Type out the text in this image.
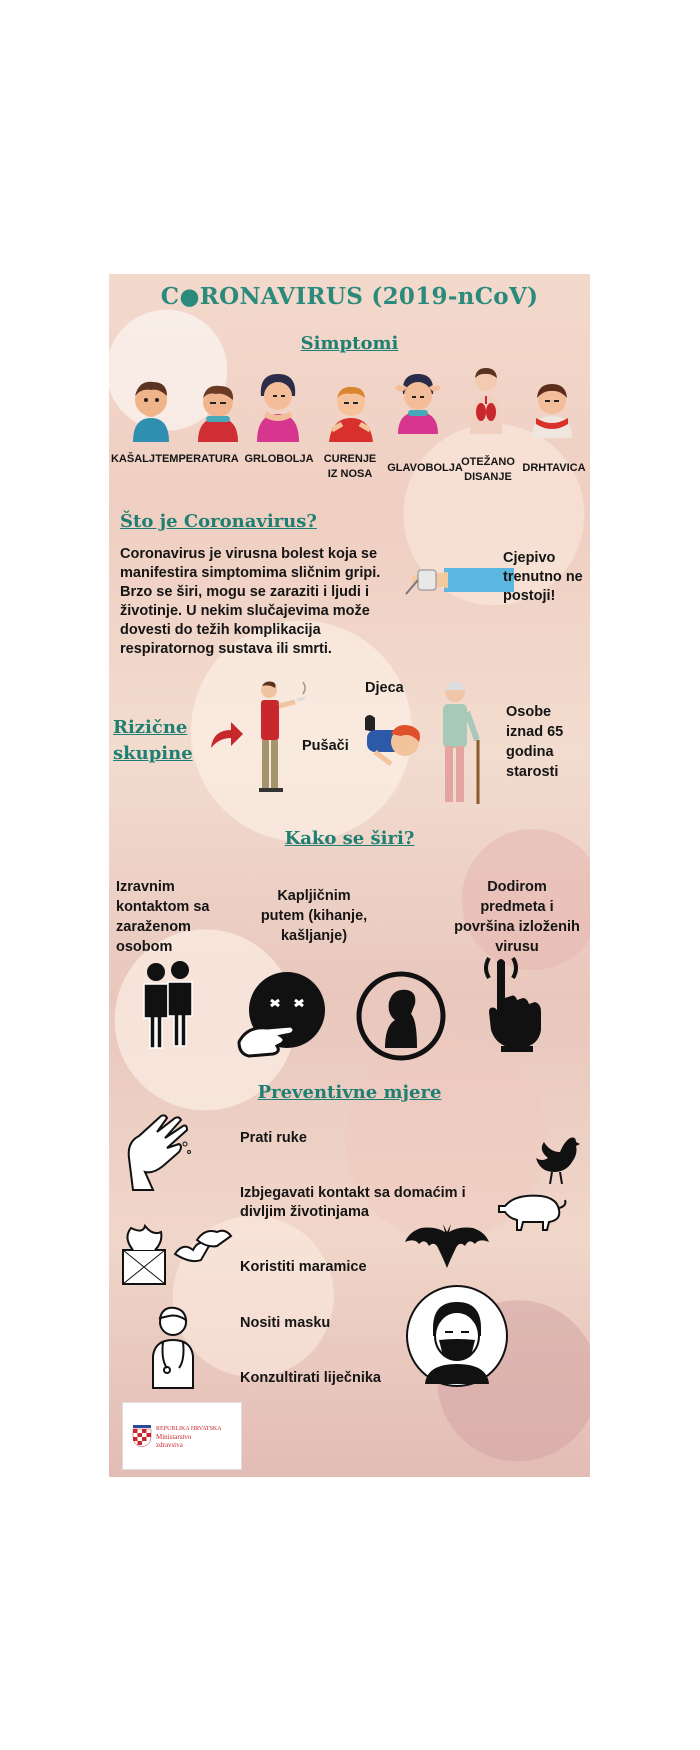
C●RONAVIRUS (2019-nCoV)
Simptomi
KAŠALJ TEMPERATURA GRLOBOLJA CURENJE IZ NOSA	GLAVOBOLJA
OTEŽANO DISANJE
DRHTAVICA
Što je Coronavirus?
Coronavirus je virusna bolest koja se manifestira simptomima sličnim gripi. Brzo se širi, mogu se zaraziti i ljudi i životinje. U nekim slučajevima može dovesti do težih komplikacija respiratornog sustava ili smrti.
Cjepivo trenutno ne postoji!
Rizične skupine	Pušači
Djeca
Osobe iznad 65 godina starosti
Kako se širi?
Izravnim kontaktom sa zaraženom osobom
Kapljičnim putem (kihanje, kašljanje)
Dodirom predmeta i površina izloženih virusu
Preventivne mjere
Prati ruke
Izbjegavati kontakt sa domaćim i divljim životinjama
Koristiti maramice
Nositi masku
Konzultirati liječnika
REPUBLIKA HRVATSKA
Ministarstvo
zdravstva
